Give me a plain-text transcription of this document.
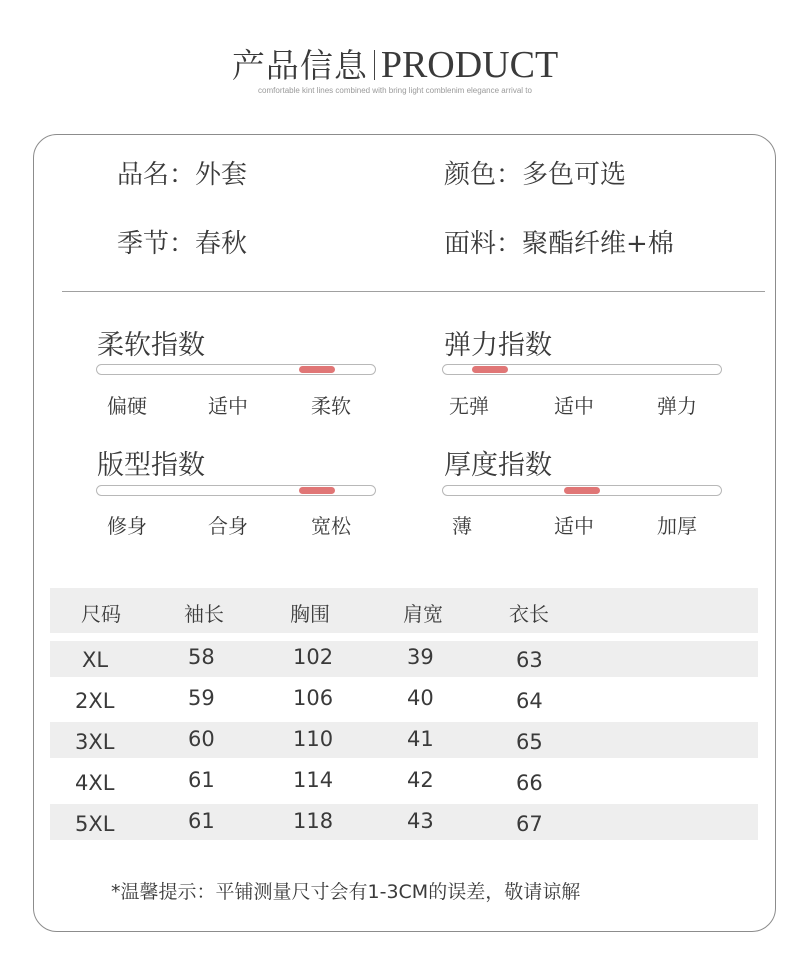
产品信息 PRODUCT
comfortable kint lines combined with bring light comblenim elegance arrival to
品名：外套	颜色：多色可选
季节：春秋	面料：聚酯纤维+棉
柔软指数
偏硬	适中	柔软
弹力指数
无弹	适中	弹力
版型指数
修身	合身	宽松
厚度指数
薄	适中	加厚
尺码	袖长	胸围	肩宽	衣长
XL	58	102	39	63
2XL	59	106	40	64
3XL	60	110	41	65
4XL	61	114	42	66
5XL	61	118	43	67
*温馨提示：平铺测量尺寸会有1-3CM的误差，敬请谅解
